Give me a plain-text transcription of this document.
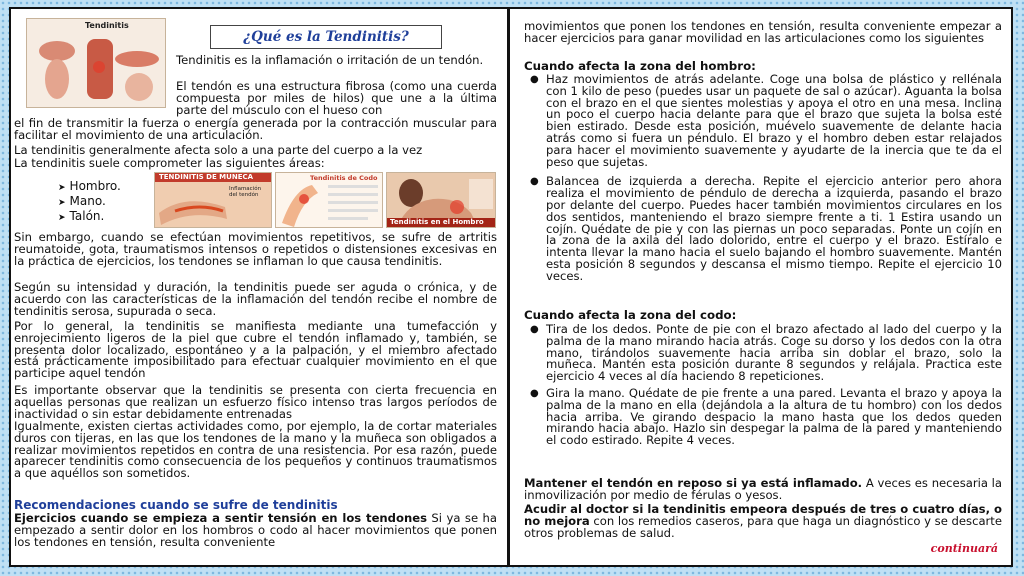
Tendinitis
¿Qué es la Tendinitis?

Tendinitis es la inflamación o irritación de un tendón.

El tendón es una estructura fibrosa (como una cuerda compuesta por miles de hilos) que une a la última parte del músculo con el hueso con

el fin de transmitir la fuerza o energía generada por la contracción muscular para facilitar el movimiento de una articulación.

La tendinitis generalmente afecta solo a una parte del cuerpo a la vez

La tendinitis suele comprometer las siguientes áreas:

➤ Hombro.
➤ Mano.
➤ Talón.
TENDINITIS DE MUÑECA
Inflamación del tendón
Tendinitis de Codo
Tendinitis en el Hombro

Sin embargo, cuando se efectúan movimientos repetitivos, se sufre de artritis reumatoide, gota, traumatismos intensos o repetidos o distensiones excesivas en la práctica de ejercicios, los tendones se inflaman lo que causa tendinitis.

Según su intensidad y duración, la tendinitis puede ser aguda o crónica, y de acuerdo con las características de la inflamación del tendón recibe el nombre de tendinitis serosa, supurada o seca.

Por lo general, la tendinitis se manifiesta mediante una tumefacción y enrojecimiento ligeros de la piel que cubre el tendón inflamado y, también, se presenta dolor localizado, espontáneo y a la palpación, y el miembro afectado está prácticamente imposibilitado para efectuar cualquier movimiento en el que participe aquel tendón

Es importante observar que la tendinitis se presenta con cierta frecuencia en aquellas personas que realizan un esfuerzo físico intenso tras largos períodos de inactividad o sin estar debidamente entrenadas

Igualmente, existen ciertas actividades como, por ejemplo, la de cortar materiales duros con tijeras, en las que los tendones de la mano y la muñeca son obligados a realizar movimientos repetidos en contra de una resistencia. Por esa razón, puede aparecer tendinitis como consecuencia de los pequeños y continuos traumatismos a que aquéllos son sometidos.

Recomendaciones cuando se sufre de tendinitis

Ejercicios cuando se empieza a sentir tensión en los tendones Si ya se ha empezado a sentir dolor en los hombros o codo al hacer movimientos que ponen los tendones en tensión, resulta conveniente

movimientos que ponen los tendones en tensión, resulta conveniente empezar a hacer ejercicios para ganar movilidad en las articulaciones como los siguientes

Cuando afecta la zona del hombro:

● Haz movimientos de atrás adelante. Coge una bolsa de plástico y rellénala con 1 kilo de peso (puedes usar un paquete de sal o azúcar). Aguanta la bolsa con el brazo en el que sientes molestias y apoya el otro en una mesa. Inclina un poco el cuerpo hacia delante para que el brazo que sujeta la bolsa esté bien estirado. Desde esta posición, muévelo suavemente de delante hacia atrás como si fuera un péndulo. El brazo y el hombro deben estar relajados para hacer el movimiento suavemente y ayudarte de la inercia que te da el peso que sujetas.
● Balancea de izquierda a derecha. Repite el ejercicio anterior pero ahora realiza el movimiento de péndulo de derecha a izquierda, pasando el brazo por delante del cuerpo. Puedes hacer también movimientos circulares en los dos sentidos, manteniendo el brazo siempre frente a ti. 1 Estira usando un cojín. Quédate de pie y con las piernas un poco separadas. Ponte un cojín en la zona de la axila del lado dolorido, entre el cuerpo y el brazo. Estíralo e intenta llevar la mano hacia el suelo bajando el hombro suavemente. Mantén esta posición 8 segundos y descansa el mismo tiempo. Repite el ejercicio 10 veces.

Cuando afecta la zona del codo:

● Tira de los dedos. Ponte de pie con el brazo afectado al lado del cuerpo y la palma de la mano mirando hacia atrás. Coge su dorso y los dedos con la otra mano, tirándolos suavemente hacia arriba sin doblar el brazo, solo la muñeca. Mantén esta posición durante 8 segundos y relájala. Practica este ejercicio 4 veces al día haciendo 8 repeticiones.
● Gira la mano. Quédate de pie frente a una pared. Levanta el brazo y apoya la palma de la mano en ella (dejándola a la altura de tu hombro) con los dedos hacia arriba. Ve girando despacio la mano hasta que los dedos queden mirando hacia abajo. Hazlo sin despegar la palma de la pared y manteniendo el codo estirado. Repite 4 veces.

Mantener el tendón en reposo si ya está inflamado. A veces es necesaria la inmovilización por medio de férulas o yesos.

Acudir al doctor si la tendinitis empeora después de tres o cuatro días, o no mejora con los remedios caseros, para que haga un diagnóstico y se descarte otros problemas de salud.

continuará
